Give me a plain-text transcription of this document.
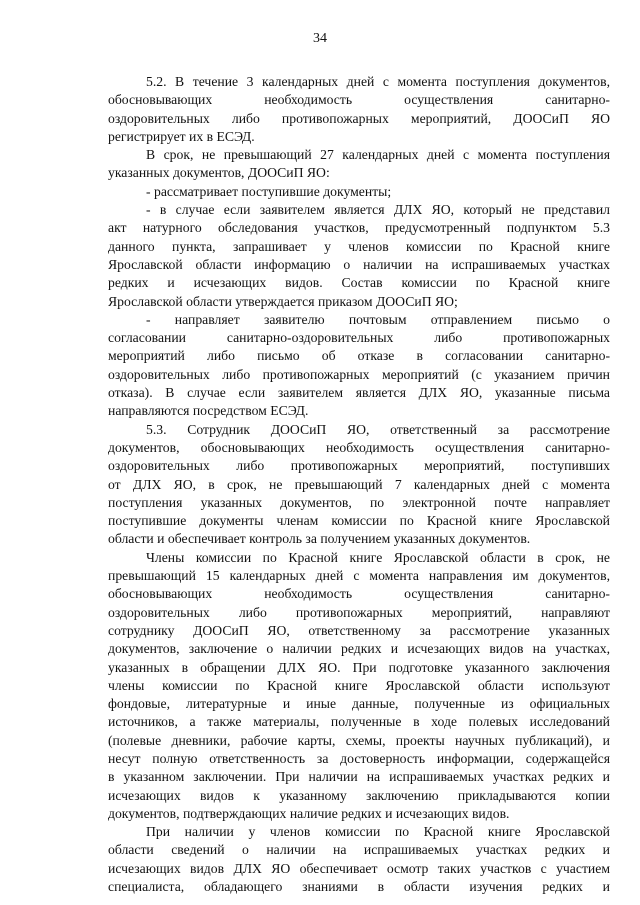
34
5.2. В течение 3 календарных дней с момента поступления документов,
обосновывающих необходимость осуществления санитарно-
оздоровительных либо противопожарных мероприятий, ДООСиП ЯО
регистрирует их в ЕСЭД.
В срок, не превышающий 27 календарных дней с момента поступления
указанных документов, ДООСиП ЯО:
- рассматривает поступившие документы;
- в случае если заявителем является ДЛХ ЯО, который не представил
акт натурного обследования участков, предусмотренный подпунктом 5.3
данного пункта, запрашивает у членов комиссии по Красной книге
Ярославской области информацию о наличии на испрашиваемых участках
редких и исчезающих видов. Состав комиссии по Красной книге
Ярославской области утверждается приказом ДООСиП ЯО;
- направляет заявителю почтовым отправлением письмо о
согласовании санитарно-оздоровительных либо противопожарных
мероприятий либо письмо об отказе в согласовании санитарно-
оздоровительных либо противопожарных мероприятий (с указанием причин
отказа). В случае если заявителем является ДЛХ ЯО, указанные письма
направляются посредством ЕСЭД.
5.3. Сотрудник ДООСиП ЯО, ответственный за рассмотрение
документов, обосновывающих необходимость осуществления санитарно-
оздоровительных либо противопожарных мероприятий, поступивших
от ДЛХ ЯО, в срок, не превышающий 7 календарных дней с момента
поступления указанных документов, по электронной почте направляет
поступившие документы членам комиссии по Красной книге Ярославской
области и обеспечивает контроль за получением указанных документов.
Члены комиссии по Красной книге Ярославской области в срок, не
превышающий 15 календарных дней с момента направления им документов,
обосновывающих необходимость осуществления санитарно-
оздоровительных либо противопожарных мероприятий, направляют
сотруднику ДООСиП ЯО, ответственному за рассмотрение указанных
документов, заключение о наличии редких и исчезающих видов на участках,
указанных в обращении ДЛХ ЯО. При подготовке указанного заключения
члены комиссии по Красной книге Ярославской области используют
фондовые, литературные и иные данные, полученные из официальных
источников, а также материалы, полученные в ходе полевых исследований
(полевые дневники, рабочие карты, схемы, проекты научных публикаций), и
несут полную ответственность за достоверность информации, содержащейся
в указанном заключении. При наличии на испрашиваемых участках редких и
исчезающих видов к указанному заключению прикладываются копии
документов, подтверждающих наличие редких и исчезающих видов.
При наличии у членов комиссии по Красной книге Ярославской
области сведений о наличии на испрашиваемых участках редких и
исчезающих видов ДЛХ ЯО обеспечивает осмотр таких участков с участием
специалиста, обладающего знаниями в области изучения редких и
